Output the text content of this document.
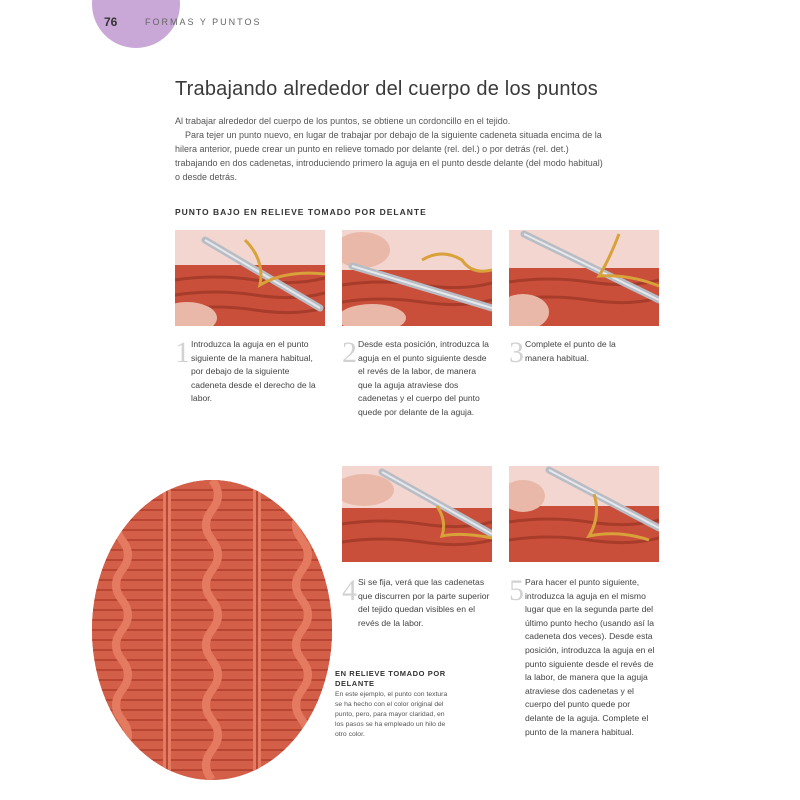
76	FORMAS Y PUNTOS
Trabajando alrededor del cuerpo de los puntos

Al trabajar alrededor del cuerpo de los puntos, se obtiene un cordoncillo en el tejido.

Para tejer un punto nuevo, en lugar de trabajar por debajo de la siguiente cadeneta situada encima de la hilera anterior, puede crear un punto en relieve tomado por delante (rel. del.) o por detrás (rel. det.) trabajando en dos cadenetas, introduciendo primero la aguja en el punto desde delante (del modo habitual) o desde detrás.

PUNTO BAJO EN RELIEVE TOMADO POR DELANTE
1 Introduzca la aguja en el punto siguiente de la manera habitual, por debajo de la siguiente cadeneta desde el derecho de la labor.
2 Desde esta posición, introduzca la aguja en el punto siguiente desde el revés de la labor, de manera que la aguja atraviese dos cadenetas y el cuerpo del punto quede por delante de la aguja.
3 Complete el punto de la manera habitual.
4 Si se fija, verá que las cadenetas que discurren por la parte superior del tejido quedan visibles en el revés de la labor.
5 Para hacer el punto siguiente, introduzca la aguja en el mismo lugar que en la segunda parte del último punto hecho (usando así la cadeneta dos veces). Desde esta posición, introduzca la aguja en el punto siguiente desde el revés de la labor, de manera que la aguja atraviese dos cadenetas y el cuerpo del punto quede por delante de la aguja. Complete el punto de la manera habitual.
EN RELIEVE TOMADO POR DELANTE
En este ejemplo, el punto con textura se ha hecho con el color original del punto, pero, para mayor claridad, en los pasos se ha empleado un hilo de otro color.
